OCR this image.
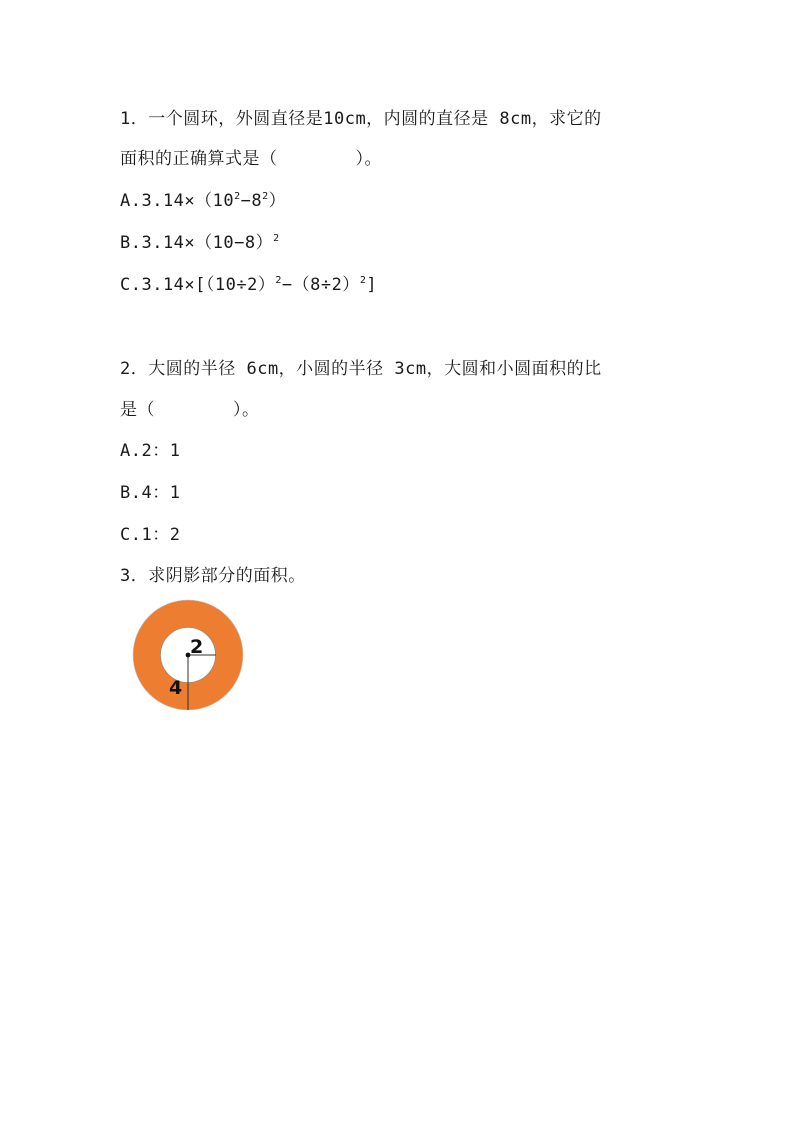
1．一个圆环，外圆直径是10cm，内圆的直径是 8cm，求它的
面积的正确算式是（	）。
$A.3.14\times(10^2-8^2)$
$B.3.14\times(10-8)^2$
$C.3.14\times[(10\div 2)^2-(8\div 2)^2]$
2．大圆的半径 6cm，小圆的半径 3cm，大圆和小圆面积的比
是（	）。
A.2：1
B.4：1
C.1：2
3．求阴影部分的面积。
2
4
